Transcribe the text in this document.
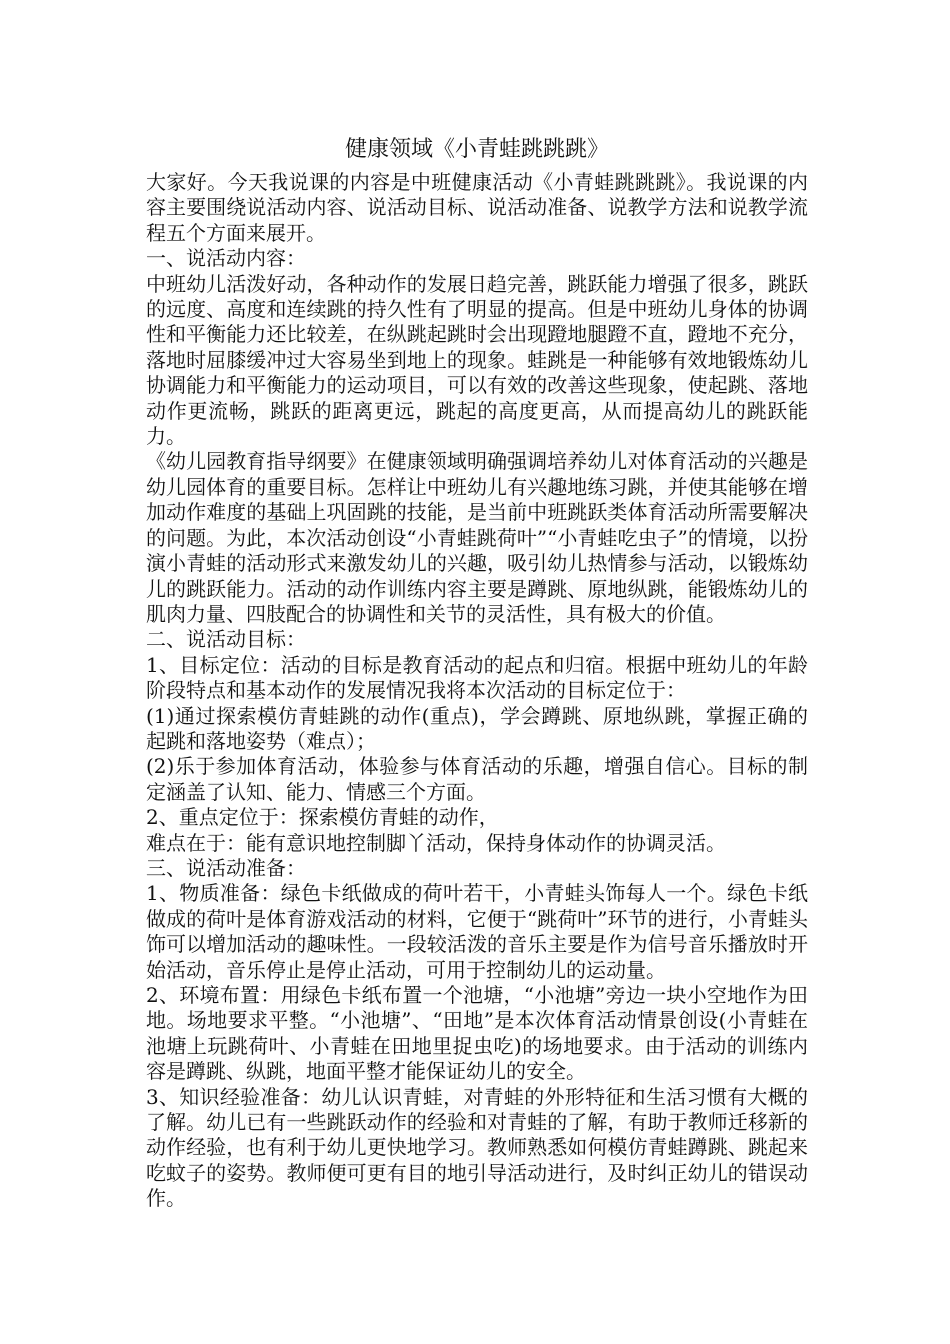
健康领域《小青蛙跳跳跳》

大家好。今天我说课的内容是中班健康活动《小青蛙跳跳跳》。我说课的内容主要围绕说活动内容、说活动目标、说活动准备、说教学方法和说教学流程五个方面来展开。

一、说活动内容：

中班幼儿活泼好动，各种动作的发展日趋完善，跳跃能力增强了很多，跳跃的远度、高度和连续跳的持久性有了明显的提高。但是中班幼儿身体的协调性和平衡能力还比较差，在纵跳起跳时会出现蹬地腿蹬不直，蹬地不充分，落地时屈膝缓冲过大容易坐到地上的现象。蛙跳是一种能够有效地锻炼幼儿协调能力和平衡能力的运动项目，可以有效的改善这些现象，使起跳、落地动作更流畅，跳跃的距离更远，跳起的高度更高，从而提高幼儿的跳跃能力。

《幼儿园教育指导纲要》在健康领域明确强调培养幼儿对体育活动的兴趣是幼儿园体育的重要目标。怎样让中班幼儿有兴趣地练习跳，并使其能够在增加动作难度的基础上巩固跳的技能，是当前中班跳跃类体育活动所需要解决的问题。为此，本次活动创设“小青蛙跳荷叶”“小青蛙吃虫子”的情境，以扮演小青蛙的活动形式来激发幼儿的兴趣，吸引幼儿热情参与活动，以锻炼幼儿的跳跃能力。活动的动作训练内容主要是蹲跳、原地纵跳，能锻炼幼儿的肌肉力量、四肢配合的协调性和关节的灵活性，具有极大的价值。

二、说活动目标：

1、目标定位：活动的目标是教育活动的起点和归宿。根据中班幼儿的年龄阶段特点和基本动作的发展情况我将本次活动的目标定位于：

(1)通过探索模仿青蛙跳的动作(重点)，学会蹲跳、原地纵跳，掌握正确的起跳和落地姿势（难点）；

(2)乐于参加体育活动，体验参与体育活动的乐趣，增强自信心。目标的制定涵盖了认知、能力、情感三个方面。

2、重点定位于：探索模仿青蛙的动作，

难点在于：能有意识地控制脚丫活动，保持身体动作的协调灵活。

三、说活动准备：

1、物质准备：绿色卡纸做成的荷叶若干，小青蛙头饰每人一个。绿色卡纸做成的荷叶是体育游戏活动的材料，它便于“跳荷叶”环节的进行，小青蛙头饰可以增加活动的趣味性。一段较活泼的音乐主要是作为信号音乐播放时开始活动，音乐停止是停止活动，可用于控制幼儿的运动量。

2、环境布置：用绿色卡纸布置一个池塘，“小池塘”旁边一块小空地作为田地。场地要求平整。“小池塘”、“田地”是本次体育活动情景创设(小青蛙在池塘上玩跳荷叶、小青蛙在田地里捉虫吃)的场地要求。由于活动的训练内容是蹲跳、纵跳，地面平整才能保证幼儿的安全。

3、知识经验准备：幼儿认识青蛙，对青蛙的外形特征和生活习惯有大概的了解。幼儿已有一些跳跃动作的经验和对青蛙的了解，有助于教师迁移新的动作经验，也有利于幼儿更快地学习。教师熟悉如何模仿青蛙蹲跳、跳起来吃蚊子的姿势。教师便可更有目的地引导活动进行，及时纠正幼儿的错误动作。
